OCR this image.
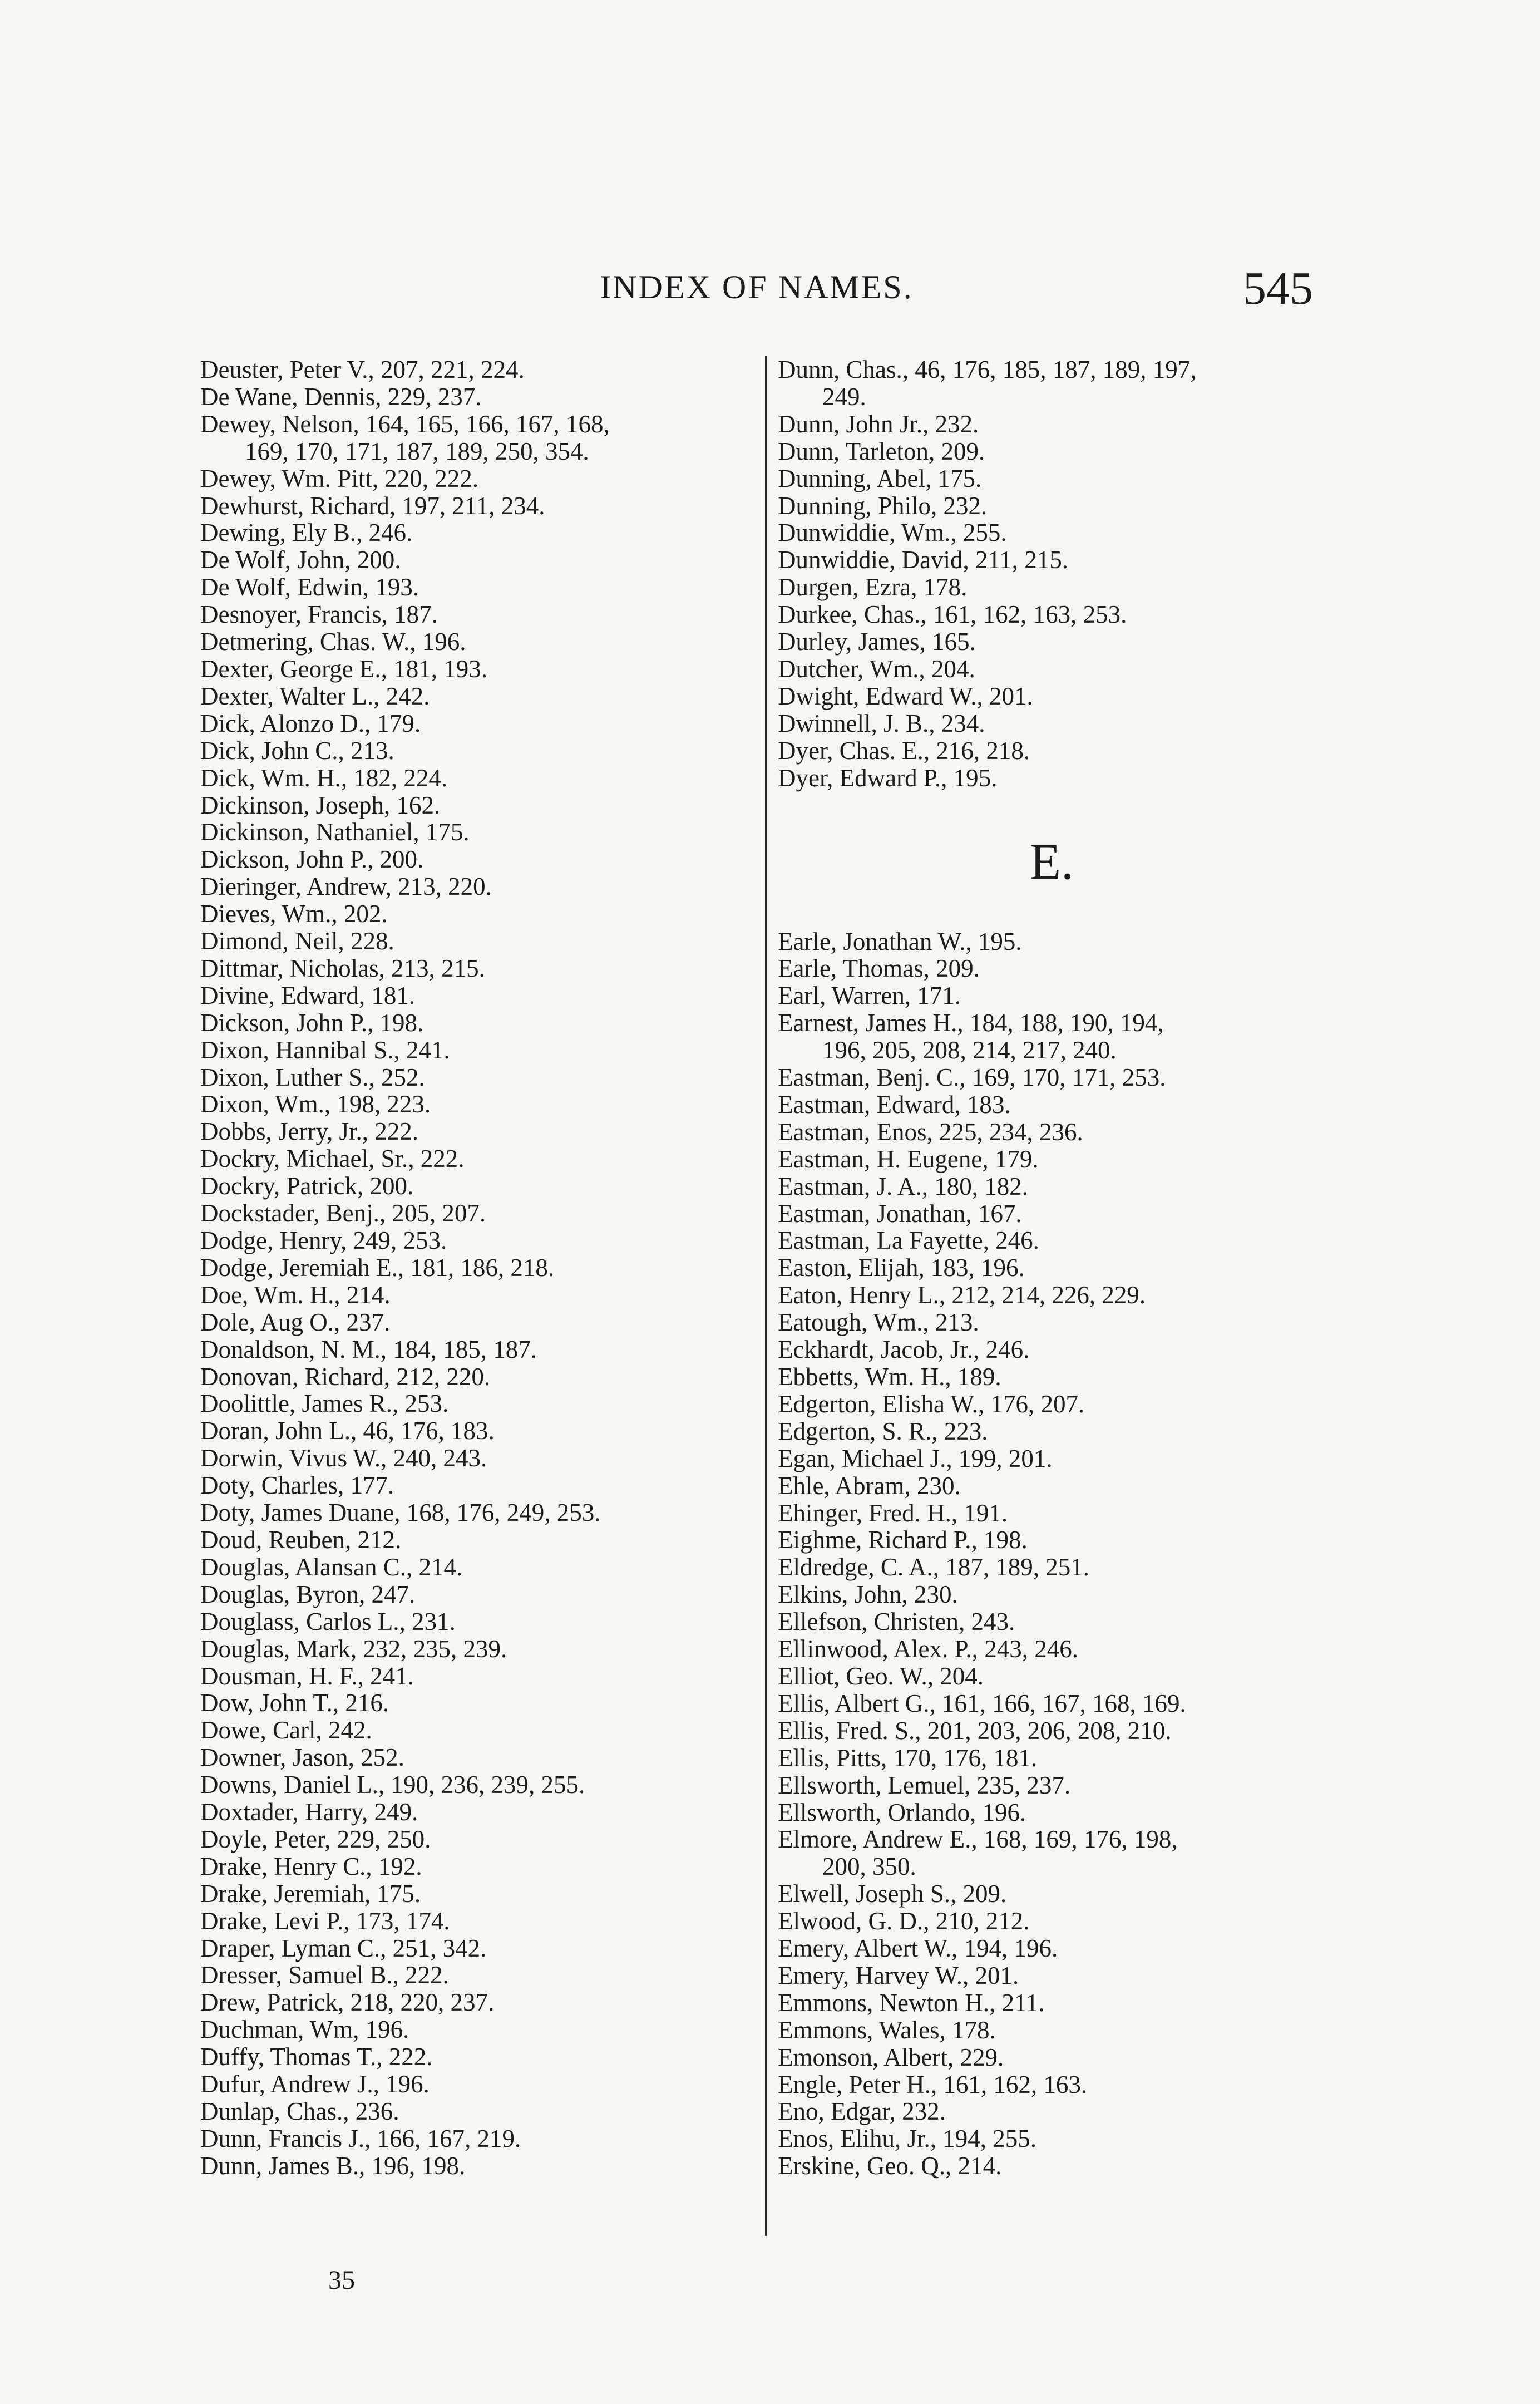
INDEX OF NAMES.	545
Deuster, Peter V., 207, 221, 224.
De Wane, Dennis, 229, 237.
Dewey, Nelson, 164, 165, 166, 167, 168,
169, 170, 171, 187, 189, 250, 354.
Dewey, Wm. Pitt, 220, 222.
Dewhurst, Richard, 197, 211, 234.
Dewing, Ely B., 246.
De Wolf, John, 200.
De Wolf, Edwin, 193.
Desnoyer, Francis, 187.
Detmering, Chas. W., 196.
Dexter, George E., 181, 193.
Dexter, Walter L., 242.
Dick, Alonzo D., 179.
Dick, John C., 213.
Dick, Wm. H., 182, 224.
Dickinson, Joseph, 162.
Dickinson, Nathaniel, 175.
Dickson, John P., 200.
Dieringer, Andrew, 213, 220.
Dieves, Wm., 202.
Dimond, Neil, 228.
Dittmar, Nicholas, 213, 215.
Divine, Edward, 181.
Dickson, John P., 198.
Dixon, Hannibal S., 241.
Dixon, Luther S., 252.
Dixon, Wm., 198, 223.
Dobbs, Jerry, Jr., 222.
Dockry, Michael, Sr., 222.
Dockry, Patrick, 200.
Dockstader, Benj., 205, 207.
Dodge, Henry, 249, 253.
Dodge, Jeremiah E., 181, 186, 218.
Doe, Wm. H., 214.
Dole, Aug O., 237.
Donaldson, N. M., 184, 185, 187.
Donovan, Richard, 212, 220.
Doolittle, James R., 253.
Doran, John L., 46, 176, 183.
Dorwin, Vivus W., 240, 243.
Doty, Charles, 177.
Doty, James Duane, 168, 176, 249, 253.
Doud, Reuben, 212.
Douglas, Alansan C., 214.
Douglas, Byron, 247.
Douglass, Carlos L., 231.
Douglas, Mark, 232, 235, 239.
Dousman, H. F., 241.
Dow, John T., 216.
Dowe, Carl, 242.
Downer, Jason, 252.
Downs, Daniel L., 190, 236, 239, 255.
Doxtader, Harry, 249.
Doyle, Peter, 229, 250.
Drake, Henry C., 192.
Drake, Jeremiah, 175.
Drake, Levi P., 173, 174.
Draper, Lyman C., 251, 342.
Dresser, Samuel B., 222.
Drew, Patrick, 218, 220, 237.
Duchman, Wm, 196.
Duffy, Thomas T., 222.
Dufur, Andrew J., 196.
Dunlap, Chas., 236.
Dunn, Francis J., 166, 167, 219.
Dunn, James B., 196, 198.
Dunn, Chas., 46, 176, 185, 187, 189, 197,
249.
Dunn, John Jr., 232.
Dunn, Tarleton, 209.
Dunning, Abel, 175.
Dunning, Philo, 232.
Dunwiddie, Wm., 255.
Dunwiddie, David, 211, 215.
Durgen, Ezra, 178.
Durkee, Chas., 161, 162, 163, 253.
Durley, James, 165.
Dutcher, Wm., 204.
Dwight, Edward W., 201.
Dwinnell, J. B., 234.
Dyer, Chas. E., 216, 218.
Dyer, Edward P., 195.
E.
Earle, Jonathan W., 195.
Earle, Thomas, 209.
Earl, Warren, 171.
Earnest, James H., 184, 188, 190, 194,
196, 205, 208, 214, 217, 240.
Eastman, Benj. C., 169, 170, 171, 253.
Eastman, Edward, 183.
Eastman, Enos, 225, 234, 236.
Eastman, H. Eugene, 179.
Eastman, J. A., 180, 182.
Eastman, Jonathan, 167.
Eastman, La Fayette, 246.
Easton, Elijah, 183, 196.
Eaton, Henry L., 212, 214, 226, 229.
Eatough, Wm., 213.
Eckhardt, Jacob, Jr., 246.
Ebbetts, Wm. H., 189.
Edgerton, Elisha W., 176, 207.
Edgerton, S. R., 223.
Egan, Michael J., 199, 201.
Ehle, Abram, 230.
Ehinger, Fred. H., 191.
Eighme, Richard P., 198.
Eldredge, C. A., 187, 189, 251.
Elkins, John, 230.
Ellefson, Christen, 243.
Ellinwood, Alex. P., 243, 246.
Elliot, Geo. W., 204.
Ellis, Albert G., 161, 166, 167, 168, 169.
Ellis, Fred. S., 201, 203, 206, 208, 210.
Ellis, Pitts, 170, 176, 181.
Ellsworth, Lemuel, 235, 237.
Ellsworth, Orlando, 196.
Elmore, Andrew E., 168, 169, 176, 198,
200, 350.
Elwell, Joseph S., 209.
Elwood, G. D., 210, 212.
Emery, Albert W., 194, 196.
Emery, Harvey W., 201.
Emmons, Newton H., 211.
Emmons, Wales, 178.
Emonson, Albert, 229.
Engle, Peter H., 161, 162, 163.
Eno, Edgar, 232.
Enos, Elihu, Jr., 194, 255.
Erskine, Geo. Q., 214.
35
